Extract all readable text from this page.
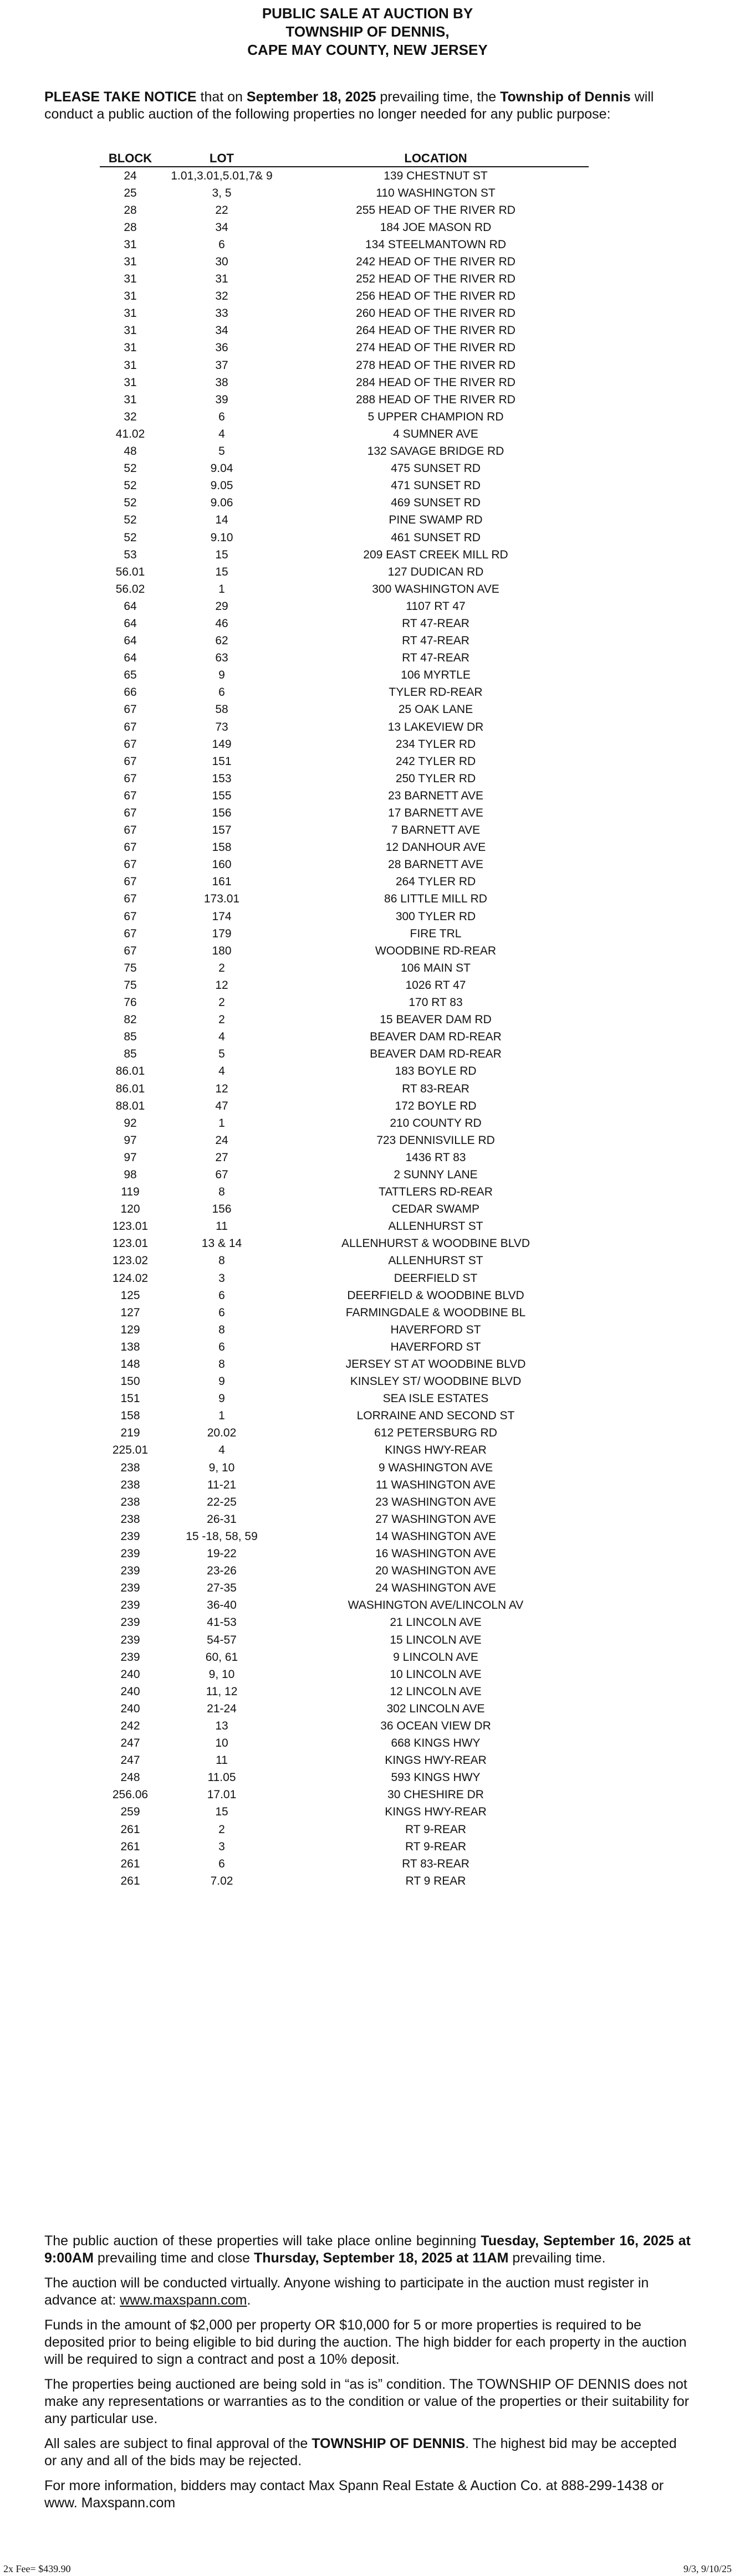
PUBLIC SALE AT AUCTION BY
TOWNSHIP OF DENNIS,
CAPE MAY COUNTY, NEW JERSEY
PLEASE TAKE NOTICE that on September 18, 2025 prevailing time, the Township of Dennis will conduct a public auction of the following properties no longer needed for any public purpose:
BLOCK	LOT	LOCATION
24	1.01,3.01,5.01,7& 9	139 CHESTNUT ST
25	3, 5	110 WASHINGTON ST
28	22	255 HEAD OF THE RIVER RD
28	34	184 JOE MASON RD
31	6	134 STEELMANTOWN RD
31	30	242 HEAD OF THE RIVER RD
31	31	252 HEAD OF THE RIVER RD
31	32	256 HEAD OF THE RIVER RD
31	33	260 HEAD OF THE RIVER RD
31	34	264 HEAD OF THE RIVER RD
31	36	274 HEAD OF THE RIVER RD
31	37	278 HEAD OF THE RIVER RD
31	38	284 HEAD OF THE RIVER RD
31	39	288 HEAD OF THE RIVER RD
32	6	5 UPPER CHAMPION RD
41.02	4	4 SUMNER AVE
48	5	132 SAVAGE BRIDGE RD
52	9.04	475 SUNSET RD
52	9.05	471 SUNSET RD
52	9.06	469 SUNSET RD
52	14	PINE SWAMP RD
52	9.10	461 SUNSET RD
53	15	209 EAST CREEK MILL RD
56.01	15	127 DUDICAN RD
56.02	1	300 WASHINGTON AVE
64	29	1107 RT 47
64	46	RT 47-REAR
64	62	RT 47-REAR
64	63	RT 47-REAR
65	9	106 MYRTLE
66	6	TYLER RD-REAR
67	58	25 OAK LANE
67	73	13 LAKEVIEW DR
67	149	234 TYLER RD
67	151	242 TYLER RD
67	153	250 TYLER RD
67	155	23 BARNETT AVE
67	156	17 BARNETT AVE
67	157	7 BARNETT AVE
67	158	12 DANHOUR AVE
67	160	28 BARNETT AVE
67	161	264 TYLER RD
67	173.01	86 LITTLE MILL RD
67	174	300 TYLER RD
67	179	FIRE TRL
67	180	WOODBINE RD-REAR
75	2	106 MAIN ST
75	12	1026 RT 47
76	2	170 RT 83
82	2	15 BEAVER DAM RD
85	4	BEAVER DAM RD-REAR
85	5	BEAVER DAM RD-REAR
86.01	4	183 BOYLE RD
86.01	12	RT 83-REAR
88.01	47	172 BOYLE RD
92	1	210 COUNTY RD
97	24	723 DENNISVILLE RD
97	27	1436 RT 83
98	67	2 SUNNY LANE
119	8	TATTLERS RD-REAR
120	156	CEDAR SWAMP
123.01	11	ALLENHURST ST
123.01	13 & 14	ALLENHURST & WOODBINE BLVD
123.02	8	ALLENHURST ST
124.02	3	DEERFIELD ST
125	6	DEERFIELD & WOODBINE BLVD
127	6	FARMINGDALE & WOODBINE BL
129	8	HAVERFORD ST
138	6	HAVERFORD ST
148	8	JERSEY ST AT WOODBINE BLVD
150	9	KINSLEY ST/ WOODBINE BLVD
151	9	SEA ISLE ESTATES
158	1	LORRAINE AND SECOND ST
219	20.02	612 PETERSBURG RD
225.01	4	KINGS HWY-REAR
238	9, 10	9 WASHINGTON AVE
238	11-21	11 WASHINGTON AVE
238	22-25	23 WASHINGTON AVE
238	26-31	27 WASHINGTON AVE
239	15 -18, 58, 59	14 WASHINGTON AVE
239	19-22	16 WASHINGTON AVE
239	23-26	20 WASHINGTON AVE
239	27-35	24 WASHINGTON AVE
239	36-40	WASHINGTON AVE/LINCOLN AV
239	41-53	21 LINCOLN AVE
239	54-57	15 LINCOLN AVE
239	60, 61	9 LINCOLN AVE
240	9, 10	10 LINCOLN AVE
240	11, 12	12 LINCOLN AVE
240	21-24	302 LINCOLN AVE
242	13	36 OCEAN VIEW DR
247	10	668 KINGS HWY
247	11	KINGS HWY-REAR
248	11.05	593 KINGS HWY
256.06	17.01	30 CHESHIRE DR
259	15	KINGS HWY-REAR
261	2	RT 9-REAR
261	3	RT 9-REAR
261	6	RT 83-REAR
261	7.02	RT 9 REAR

The public auction of these properties will take place online beginning Tuesday, September 16, 2025 at 9:00AM prevailing time and close Thursday, September 18, 2025 at 11AM prevailing time.

The auction will be conducted virtually. Anyone wishing to participate in the auction must register in advance at: www.maxspann.com.

Funds in the amount of $2,000 per property OR $10,000 for 5 or more properties is required to be deposited prior to being eligible to bid during the auction. The high bidder for each property in the auction will be required to sign a contract and post a 10% deposit.

The properties being auctioned are being sold in “as is” condition. The TOWNSHIP OF DENNIS does not make any representations or warranties as to the condition or value of the properties or their suitability for any particular use.

All sales are subject to final approval of the TOWNSHIP OF DENNIS. The highest bid may be accepted or any and all of the bids may be rejected.

For more information, bidders may contact Max Spann Real Estate & Auction Co. at 888-299-1438 or www. Maxspann.com

2x Fee= $439.90	9/3, 9/10/25
